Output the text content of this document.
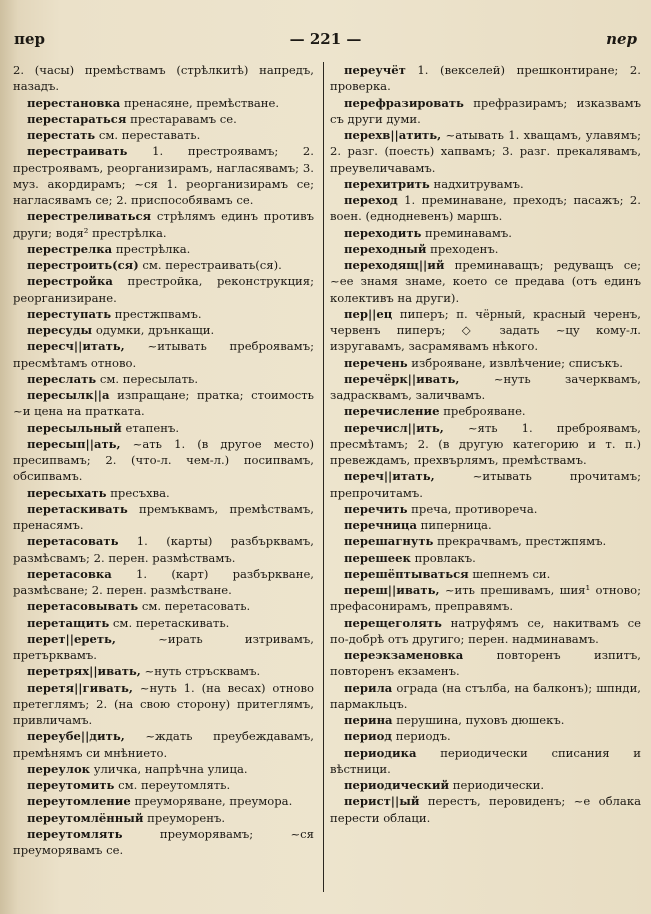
пер	— 221 —	пер

2. (часы) премѣствамъ (стрѣлкитѣ) напредъ, назадъ.

перестановка пренасяне, премѣстване.

перестараться престаравамъ се.

перестать см. переставать.

перестраивать 1. престроявамъ; 2. престроявамъ, реорганизирамъ, нагласявамъ; 3. муз. акордирамъ; ~ся 1. реорганизирамъ се; нагласявамъ се; 2. приспособявамъ се.

перестреливаться стрѣлямъ единъ противъ други; водя² престрѣлка.

перестрелка престрѣлка.

перестроить(ся) см. перестраивать(ся).

перестройка престройка, реконструкция; реорганизиране.

переступать престжпвамъ.

пересуды одумки, дрънкащи.

пересч||итать, ~итывать преброявамъ; пресмѣтамъ отново.

переслать см. пересылать.

пересылк||а изпращане; пратка; стоимость ~и цена на пратката.

пересыльный етапенъ.

пересып||ать, ~ать 1. (в другое место) пресипвамъ; 2. (что-л. чем-л.) посипвамъ, обсипвамъ.

пересыхать пресъхва.

перетаскивать премъквамъ, премѣствамъ, пренасямъ.

перетасовать 1. (карты) разбърквамъ, размѣсвамъ; 2. перен. размѣствамъ.

перетасовка 1. (карт) разбъркване, размѣсване; 2. перен. размѣстване.

перетасовывать см. перетасовать.

перетащить см. перетаскивать.

перет||ереть, ~ирать изтривамъ, претърквамъ.

перетрях||ивать, ~нуть стръсквамъ.

перетя||гивать, ~нуть 1. (на весах) отново претеглямъ; 2. (на свою сторону) притеглямъ, привличамъ.

переубе||дить, ~ждать преубеждавамъ, премѣнямъ си мнѣнието.

переулок уличка, напрѣчна улица.

переутомить см. переутомлять.

переутомление преуморяване, преумора.

переутомлённый преуморенъ.

переутомлять преуморявамъ; ~ся преуморявамъ се.

переучёт 1. (векселей) прешконтиране; 2. проверка.

перефразировать префразирамъ; изказвамъ съ други думи.

перехв||атить, ~атывать 1. хващамъ, улавямъ; 2. разг. (поесть) хапвамъ; 3. разг. прекалявамъ, преувеличавамъ.

перехитрить надхитрувамъ.

переход 1. преминаване, преходъ; пасажъ; 2. воен. (еднодневенъ) маршъ.

переходить преминавамъ.

переходный преходенъ.

переходящ||ий преминаващъ; редуващъ се; ~ее знамя знаме, което се предава (отъ единъ колективъ на други).

пер||ец пиперъ; п. чёрный, красный черенъ, червенъ пиперъ; ◇ задать ~цу кому-л. изругавамъ, засрамявамъ нѣкого.

перечень изброяване, извлѣчение; списъкъ.

перечёрк||ивать, ~нуть зачерквамъ, задрасквамъ, заличвамъ.

перечисление преброяване.

перечисл||ить, ~ять 1. преброявамъ, пресмѣтамъ; 2. (в другую категорию и т. п.) превеждамъ, прехвърлямъ, премѣствамъ.

переч||итать, ~итывать прочитамъ; препрочитамъ.

перечить преча, противореча.

перечница пиперница.

перешагнуть прекрачвамъ, престжпямъ.

перешеек провлакъ.

перешёптываться шепнемъ си.

переш||ивать, ~ить прешивамъ, шия¹ отново; префасонирамъ, преправямъ.

перещеголять натруфямъ се, накитвамъ се по-добрѣ отъ другиго; перен. надминавамъ.

переэкзаменовка повторенъ изпитъ, повторенъ екзаменъ.

перила ограда (на стълба, на балконъ); шпнди, пармакльцъ.

перина перушина, пуховъ дюшекъ.

период периодъ.

периодика периодически списания и вѣстници.

периодический периодически.

перист||ый перестъ, перовиденъ; ~е облака перести облаци.
